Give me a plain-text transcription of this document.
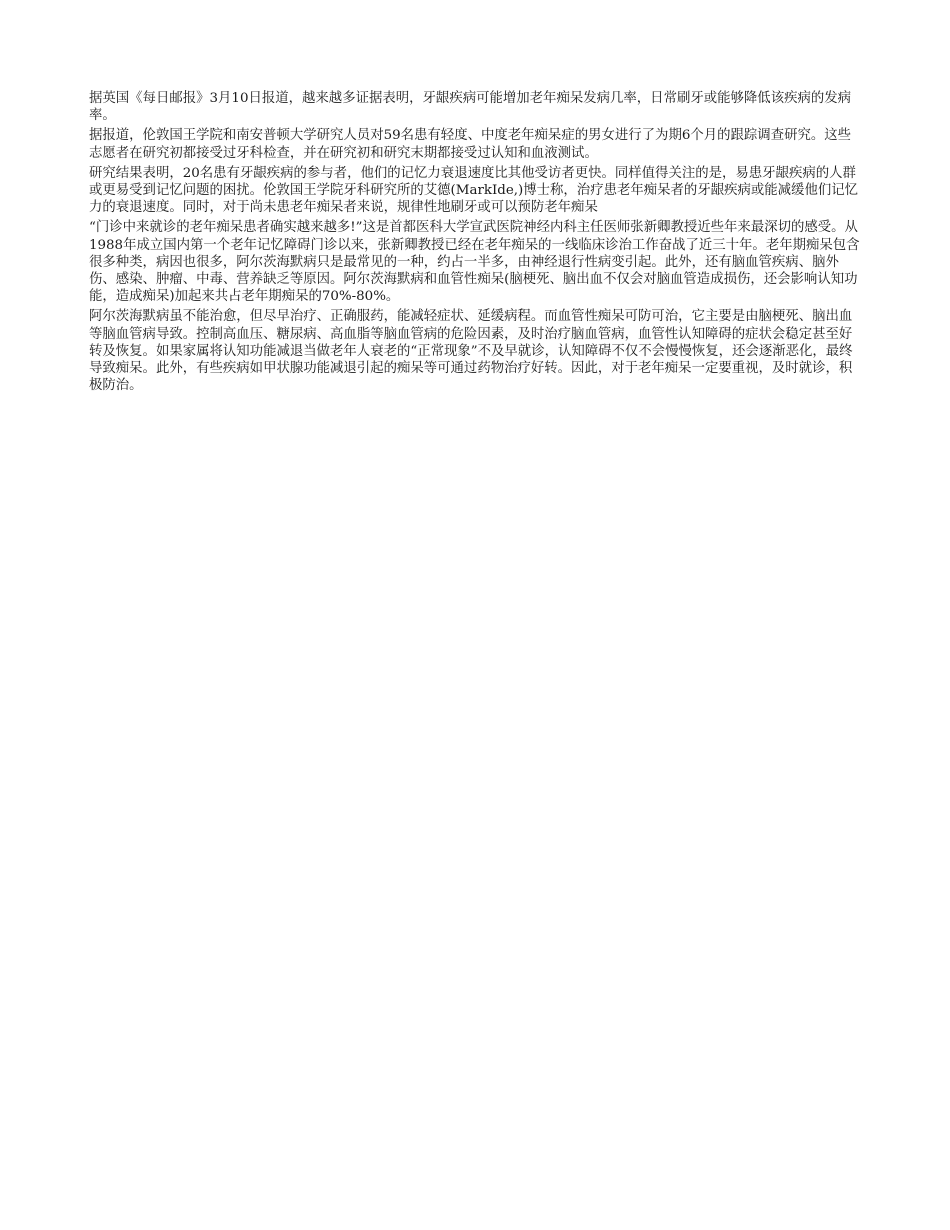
据英国《每日邮报》3月10日报道，越来越多证据表明，牙龈疾病可能增加老年痴呆发病几率，日常刷牙或能够降低该疾病的发病率。

据报道，伦敦国王学院和南安普顿大学研究人员对59名患有轻度、中度老年痴呆症的男女进行了为期6个月的跟踪调查研究。这些志愿者在研究初都接受过牙科检查，并在研究初和研究末期都接受过认知和血液测试。

研究结果表明，20名患有牙龈疾病的参与者，他们的记忆力衰退速度比其他受访者更快。同样值得关注的是，易患牙龈疾病的人群或更易受到记忆问题的困扰。伦敦国王学院牙科研究所的艾德(MarkIde,)博士称，治疗患老年痴呆者的牙龈疾病或能减缓他们记忆力的衰退速度。同时，对于尚未患老年痴呆者来说，规律性地刷牙或可以预防老年痴呆

“门诊中来就诊的老年痴呆患者确实越来越多!”这是首都医科大学宣武医院神经内科主任医师张新卿教授近些年来最深切的感受。从1988年成立国内第一个老年记忆障碍门诊以来，张新卿教授已经在老年痴呆的一线临床诊治工作奋战了近三十年。老年期痴呆包含很多种类，病因也很多，阿尔茨海默病只是最常见的一种，约占一半多，由神经退行性病变引起。此外，还有脑血管疾病、脑外伤、感染、肿瘤、中毒、营养缺乏等原因。阿尔茨海默病和血管性痴呆(脑梗死、脑出血不仅会对脑血管造成损伤，还会影响认知功能，造成痴呆)加起来共占老年期痴呆的70%-80%。

阿尔茨海默病虽不能治愈，但尽早治疗、正确服药，能减轻症状、延缓病程。而血管性痴呆可防可治，它主要是由脑梗死、脑出血等脑血管病导致。控制高血压、糖尿病、高血脂等脑血管病的危险因素，及时治疗脑血管病，血管性认知障碍的症状会稳定甚至好转及恢复。如果家属将认知功能减退当做老年人衰老的“正常现象”不及早就诊，认知障碍不仅不会慢慢恢复，还会逐渐恶化，最终导致痴呆。此外，有些疾病如甲状腺功能减退引起的痴呆等可通过药物治疗好转。因此，对于老年痴呆一定要重视，及时就诊，积极防治。
